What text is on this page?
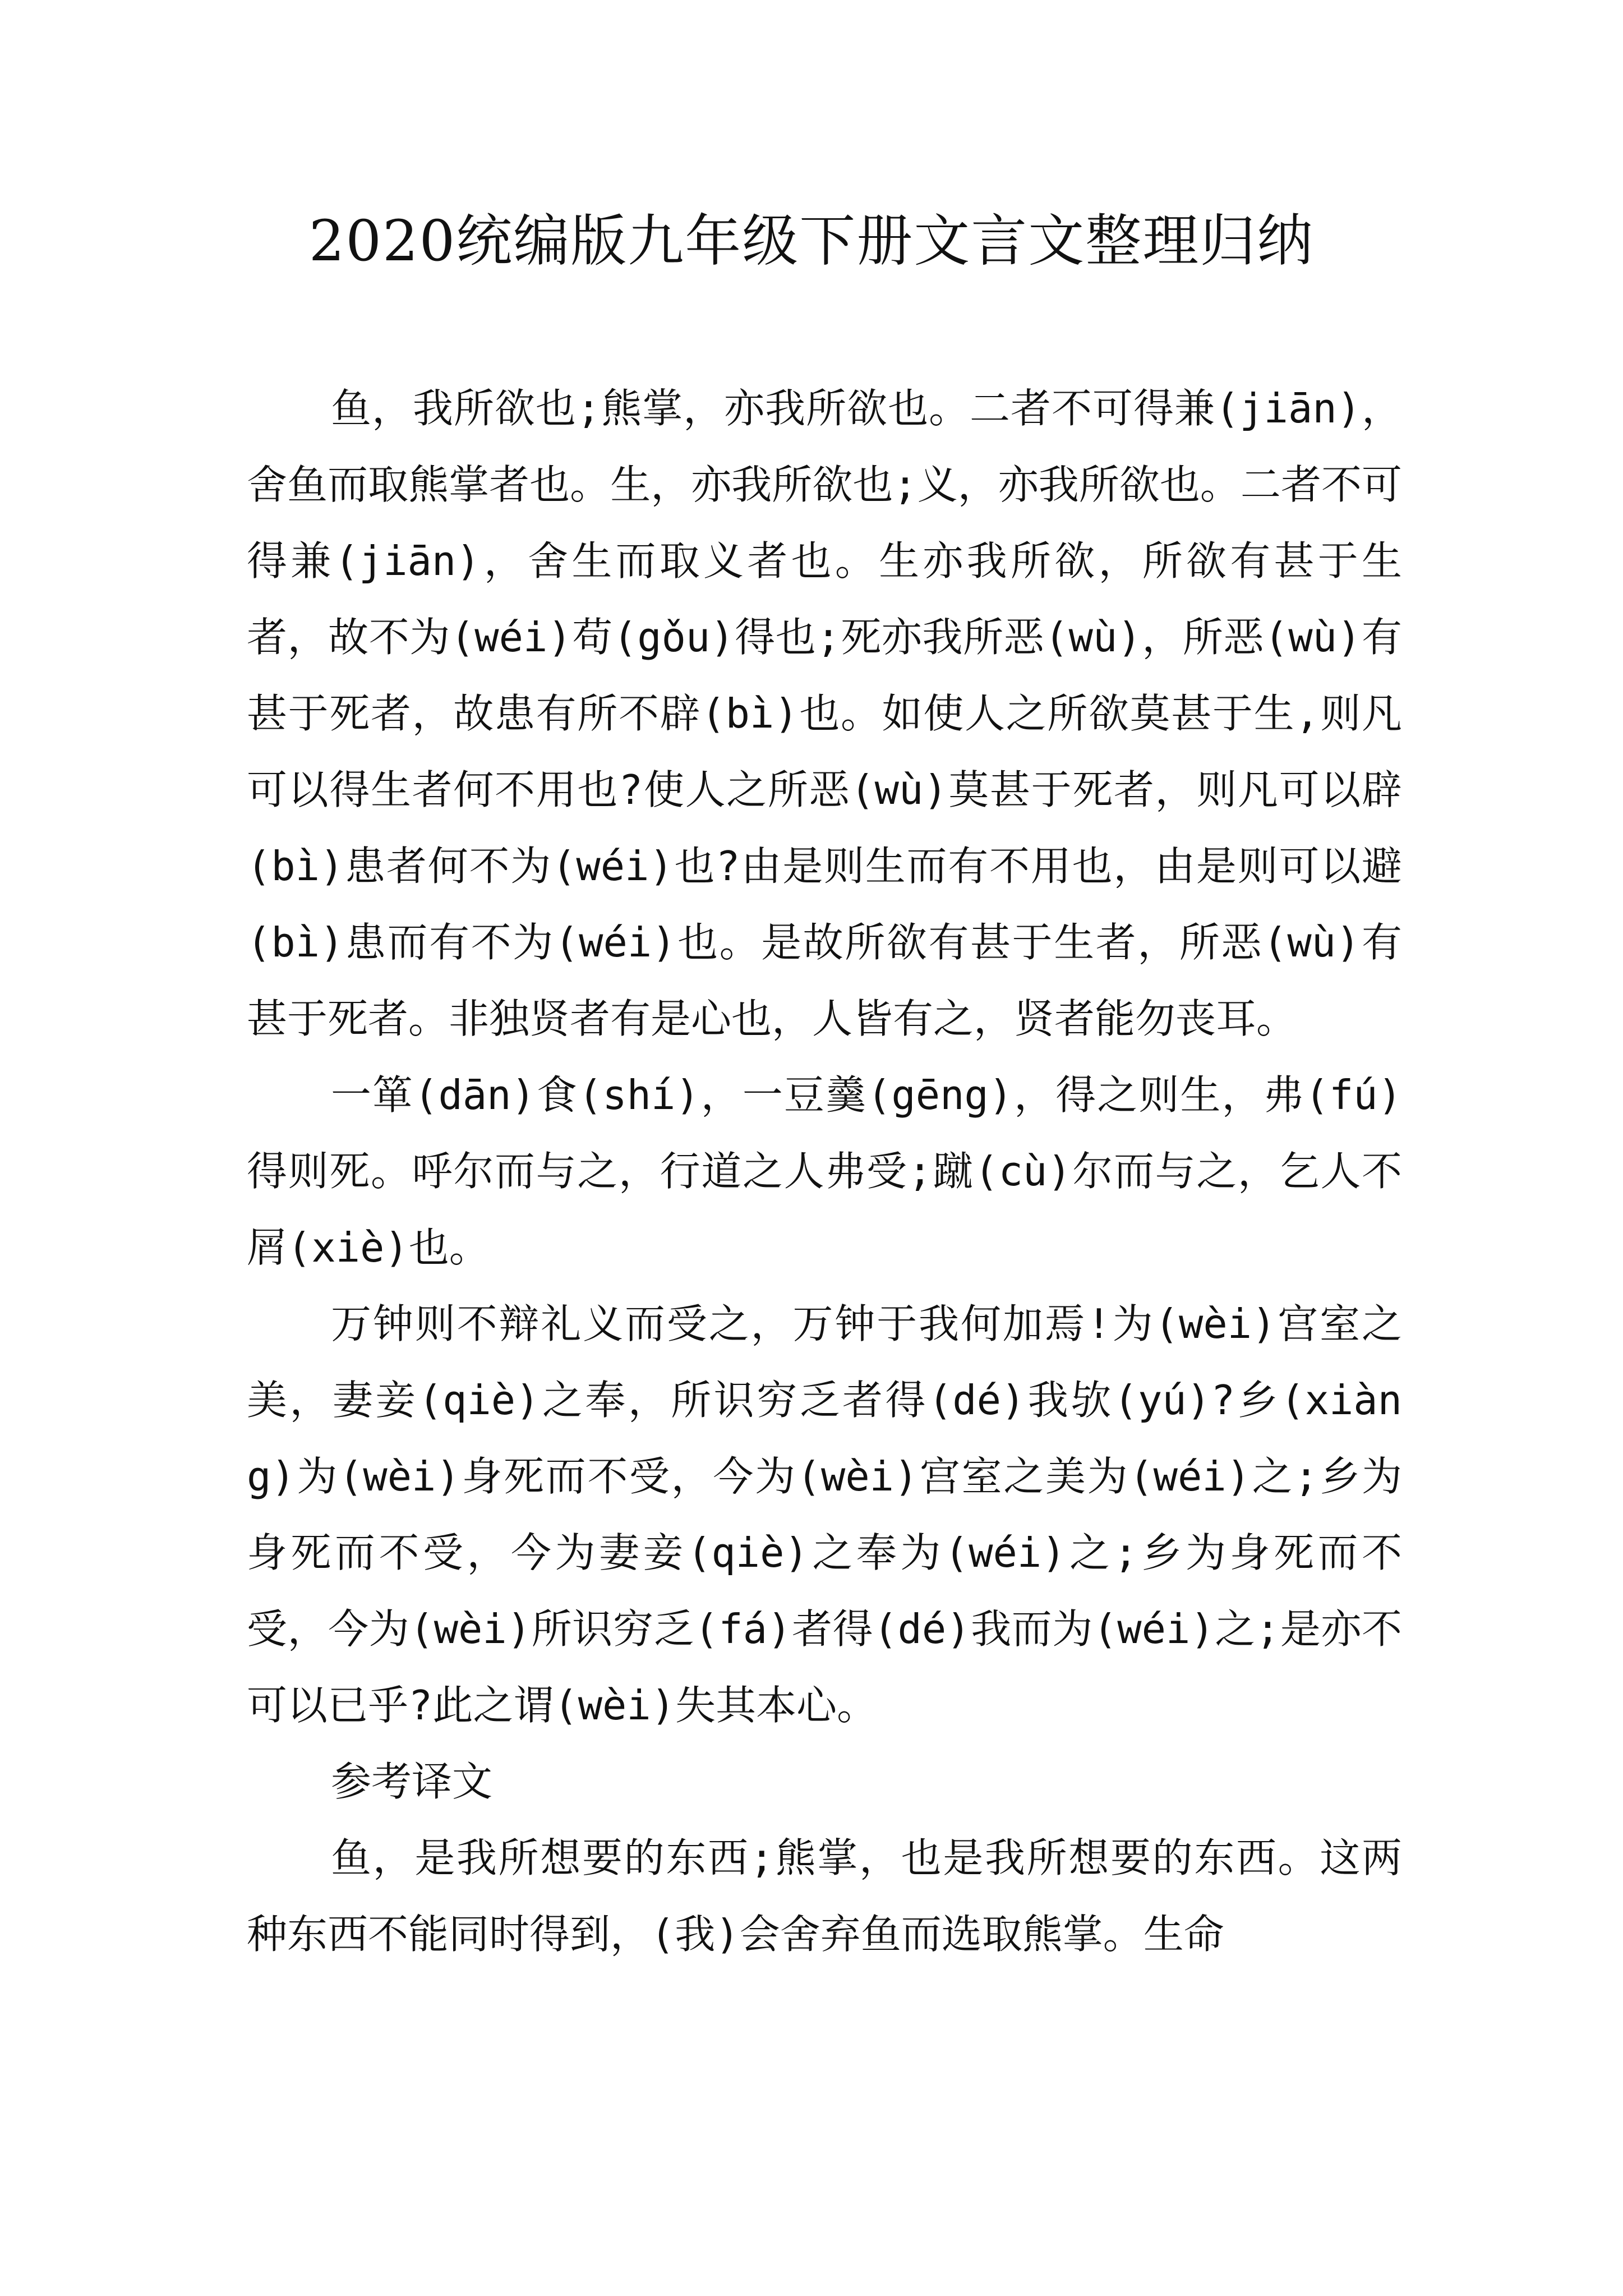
2020统编版九年级下册文言文整理归纳

鱼，我所欲也;熊掌，亦我所欲也。二者不可得兼(jiān)，舍鱼而取熊掌者也。生，亦我所欲也;义，亦我所欲也。二者不可得兼(jiān)，舍生而取义者也。生亦我所欲，所欲有甚于生者，故不为(wéi)苟(gǒu)得也;死亦我所恶(wù)，所恶(wù)有甚于死者，故患有所不辟(bì)也。如使人之所欲莫甚于生,则凡可以得生者何不用也?使人之所恶(wù)莫甚于死者，则凡可以辟(bì)患者何不为(wéi)也?由是则生而有不用也，由是则可以避(bì)患而有不为(wéi)也。是故所欲有甚于生者，所恶(wù)有甚于死者。非独贤者有是心也，人皆有之，贤者能勿丧耳。

一箪(dān)食(shí)，一豆羹(gēng)，得之则生，弗(fú)得则死。呼尔而与之，行道之人弗受;蹴(cù)尔而与之，乞人不屑(xiè)也。

万钟则不辩礼义而受之，万钟于我何加焉!为(wèi)宫室之美，妻妾(qiè)之奉，所识穷乏者得(dé)我欤(yú)?乡(xiàng)为(wèi)身死而不受，今为(wèi)宫室之美为(wéi)之;乡为身死而不受，今为妻妾(qiè)之奉为(wéi)之;乡为身死而不受，今为(wèi)所识穷乏(fá)者得(dé)我而为(wéi)之;是亦不可以已乎?此之谓(wèi)失其本心。

参考译文

鱼，是我所想要的东西;熊掌，也是我所想要的东西。这两种东西不能同时得到，(我)会舍弃鱼而选取熊掌。生命
